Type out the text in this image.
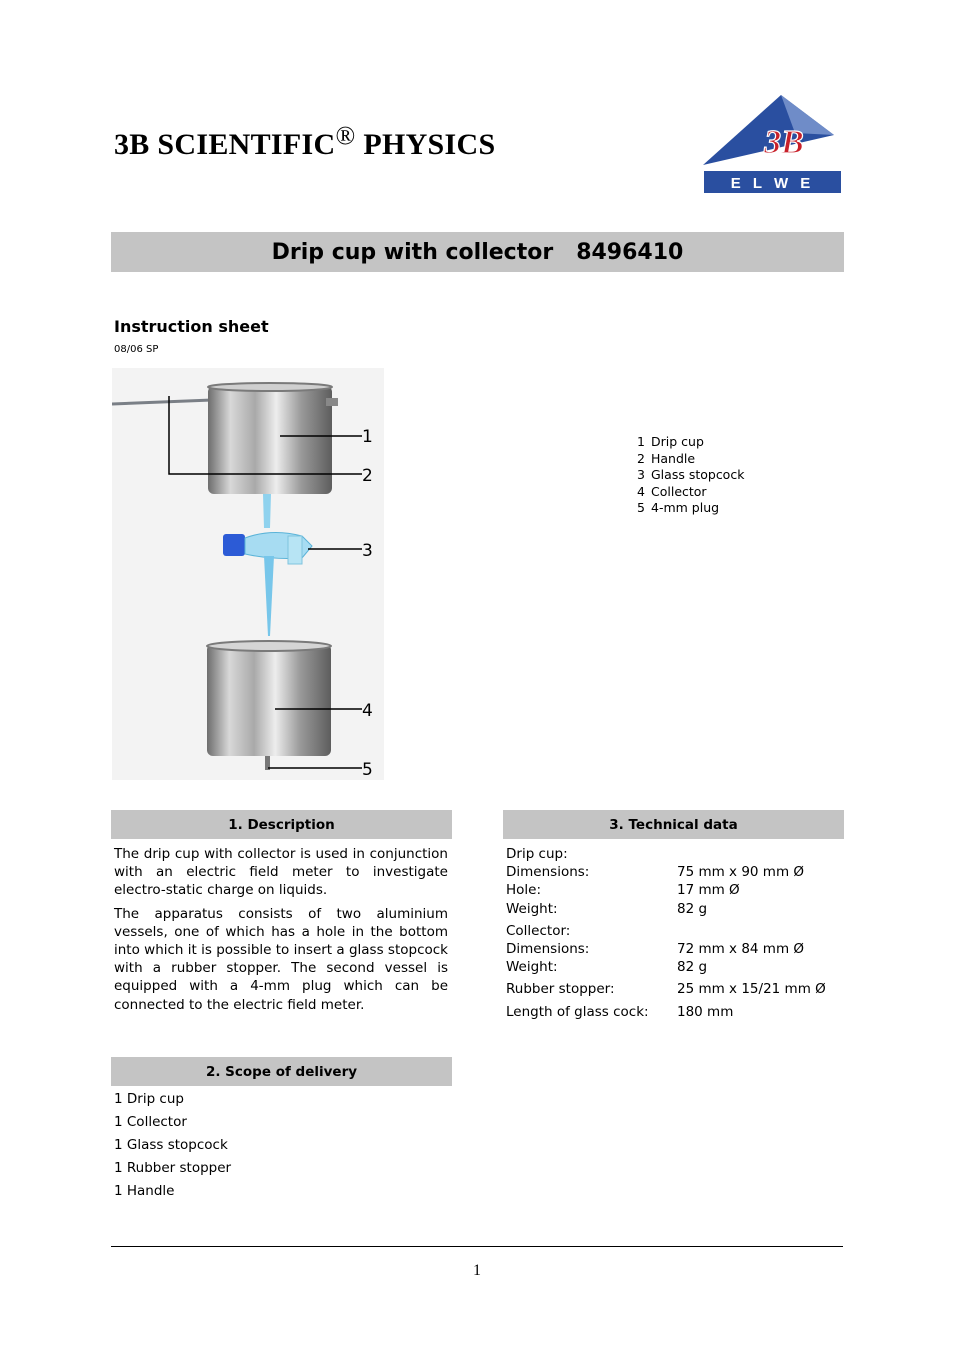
3B SCIENTIFIC® PHYSICS	3B
E L W E
Drip cup with collector
8496410
Instruction sheet
08/06 SP
1
2
3
4
5
1 Drip cup
2 Handle
3 Glass stopcock
4 Collector
5 4-mm plug
1. Description
The drip cup with collector is used in conjunction with an electric field meter to investigate electro-static charge on liquids.
The apparatus consists of two aluminium vessels, one of which has a hole in the bottom into which it is possible to insert a glass stopcock with a rubber stopper. The second vessel is equipped with a 4-mm plug which can be connected to the electric field meter.
2. Scope of delivery
1 Drip cup
1 Collector
1 Glass stopcock
1 Rubber stopper
1 Handle
3. Technical data
Drip cup:
Dimensions:	75 mm x 90 mm Ø
Hole:	17 mm Ø
Weight:	82 g
Collector:
Dimensions:	72 mm x 84 mm Ø
Weight:	82 g
Rubber stopper:	25 mm x 15/21 mm Ø
Length of glass cock:	180 mm
1
